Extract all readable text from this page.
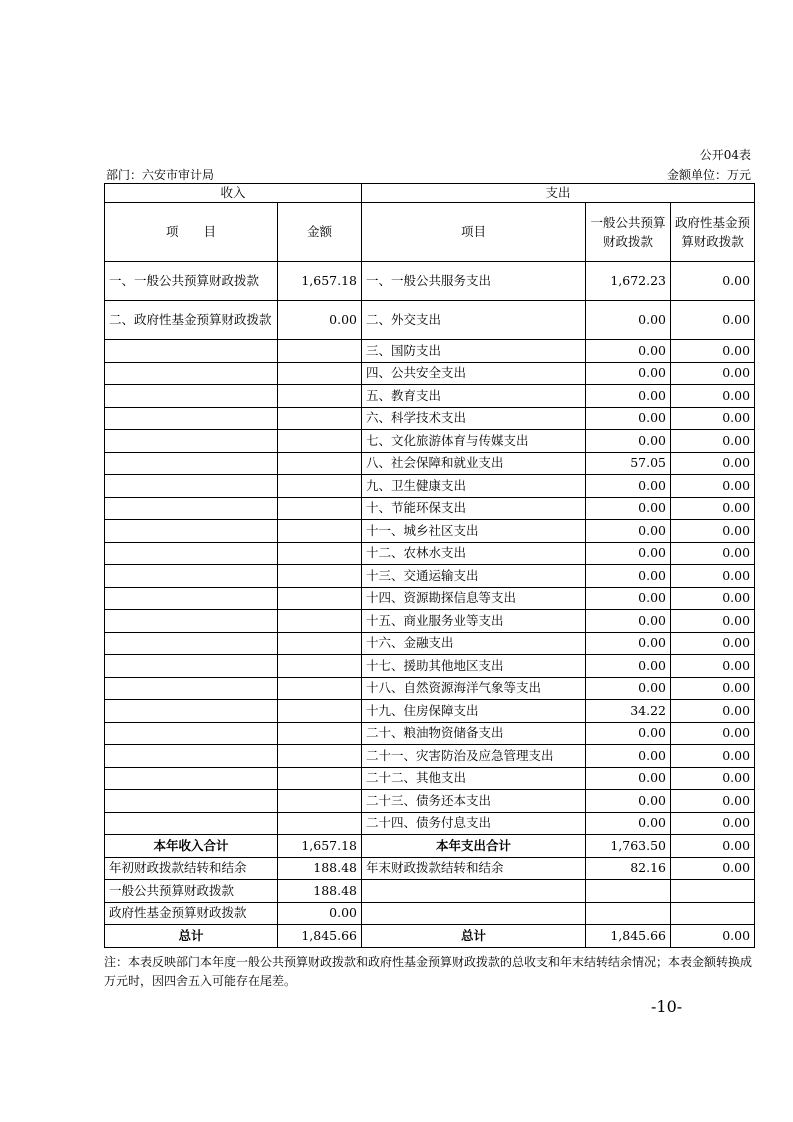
公开04表
部门：六安市审计局	金额单位：万元
收入		支出		
项　　目	金额	项目	一般公共预算财政拨款	政府性基金预算财政拨款
一、一般公共预算财政拨款	1,657.18	一、一般公共服务支出	1,672.23	0.00
二、政府性基金预算财政拨款	0.00	二、外交支出	0.00	0.00
		三、国防支出	0.00	0.00
		四、公共安全支出	0.00	0.00
		五、教育支出	0.00	0.00
		六、科学技术支出	0.00	0.00
		七、文化旅游体育与传媒支出	0.00	0.00
		八、社会保障和就业支出	57.05	0.00
		九、卫生健康支出	0.00	0.00
		十、节能环保支出	0.00	0.00
		十一、城乡社区支出	0.00	0.00
		十二、农林水支出	0.00	0.00
		十三、交通运输支出	0.00	0.00
		十四、资源勘探信息等支出	0.00	0.00
		十五、商业服务业等支出	0.00	0.00
		十六、金融支出	0.00	0.00
		十七、援助其他地区支出	0.00	0.00
		十八、自然资源海洋气象等支出	0.00	0.00
		十九、住房保障支出	34.22	0.00
		二十、粮油物资储备支出	0.00	0.00
		二十一、灾害防治及应急管理支出	0.00	0.00
		二十二、其他支出	0.00	0.00
		二十三、债务还本支出	0.00	0.00
		二十四、债务付息支出	0.00	0.00
本年收入合计	1,657.18	本年支出合计	1,763.50	0.00
年初财政拨款结转和结余	188.48	年末财政拨款结转和结余	82.16	0.00
一般公共预算财政拨款	188.48			
政府性基金预算财政拨款	0.00			
总计	1,845.66	总计	1,845.66	0.00
注：本表反映部门本年度一般公共预算财政拨款和政府性基金预算财政拨款的总收支和年末结转结余情况；本表金额转换成万元时，因四舍五入可能存在尾差。
-10-
